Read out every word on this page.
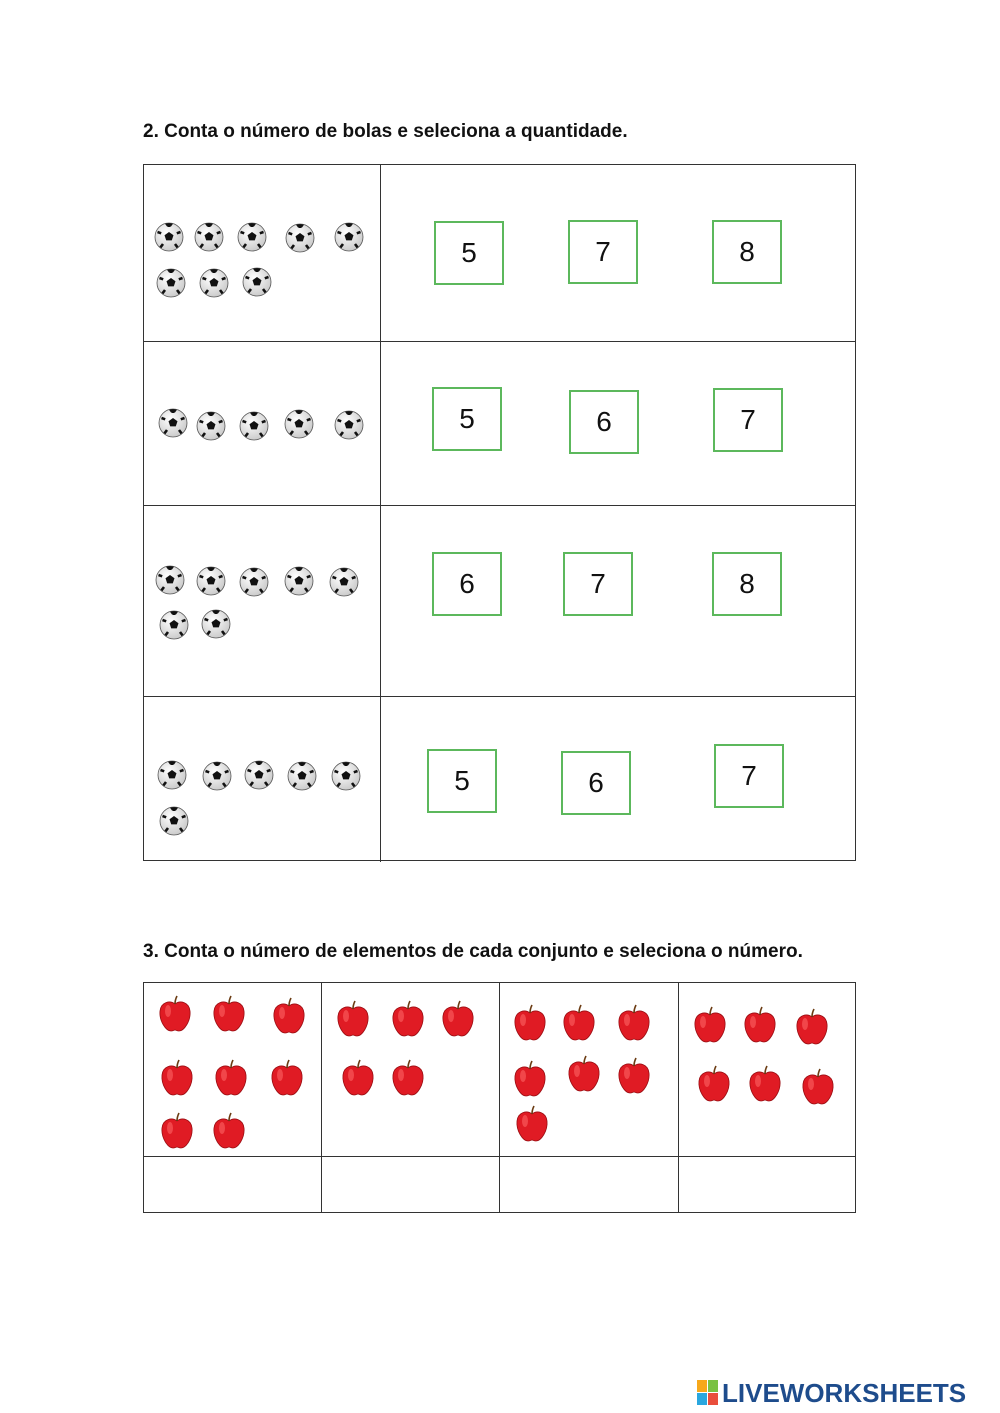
2. Conta o número de bolas e seleciona a quantidade.
5	7	8
5	6	7
6	7	8
5	6	7
3. Conta o número de elementos de cada conjunto e seleciona o número.
LIVEWORKSHEETS
